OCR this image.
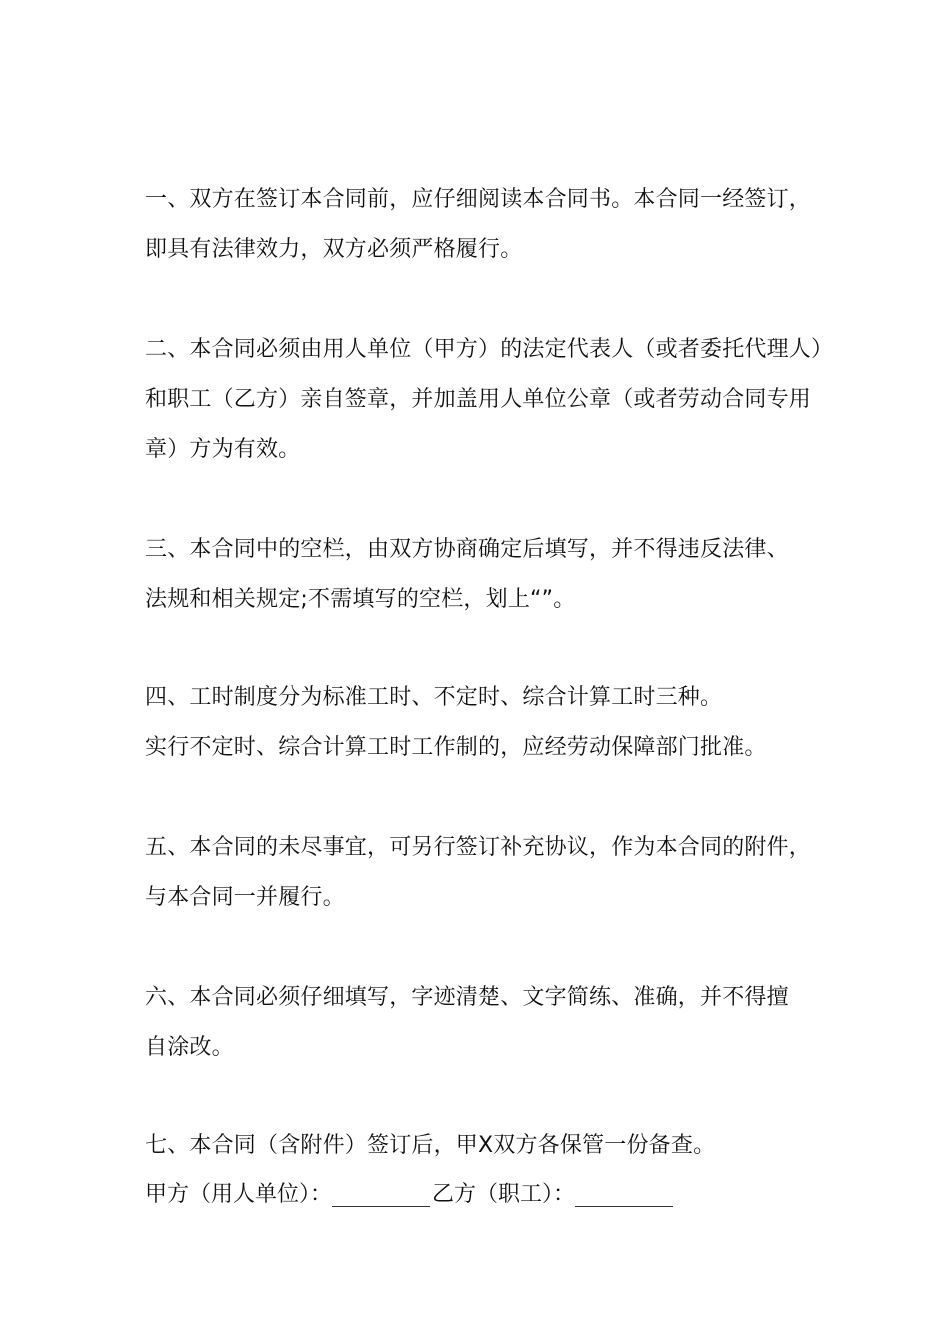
一、双方在签订本合同前，应仔细阅读本合同书。本合同一经签订，
即具有法律效力，双方必须严格履行。
二、本合同必须由用人单位（甲方）的法定代表人（或者委托代理人）
和职工（乙方）亲自签章，并加盖用人单位公章（或者劳动合同专用
章）方为有效。
三、本合同中的空栏，由双方协商确定后填写，并不得违反法律、
法规和相关规定;不需填写的空栏，划上“”。
四、工时制度分为标准工时、不定时、综合计算工时三种。
实行不定时、综合计算工时工作制的，应经劳动保障部门批准。
五、本合同的未尽事宜，可另行签订补充协议，作为本合同的附件，
与本合同一并履行。
六、本合同必须仔细填写，字迹清楚、文字简练、准确，并不得擅
自涂改。
七、本合同（含附件）签订后，甲X双方各保管一份备查。
甲方（用人单位）：	乙方（职工）：
